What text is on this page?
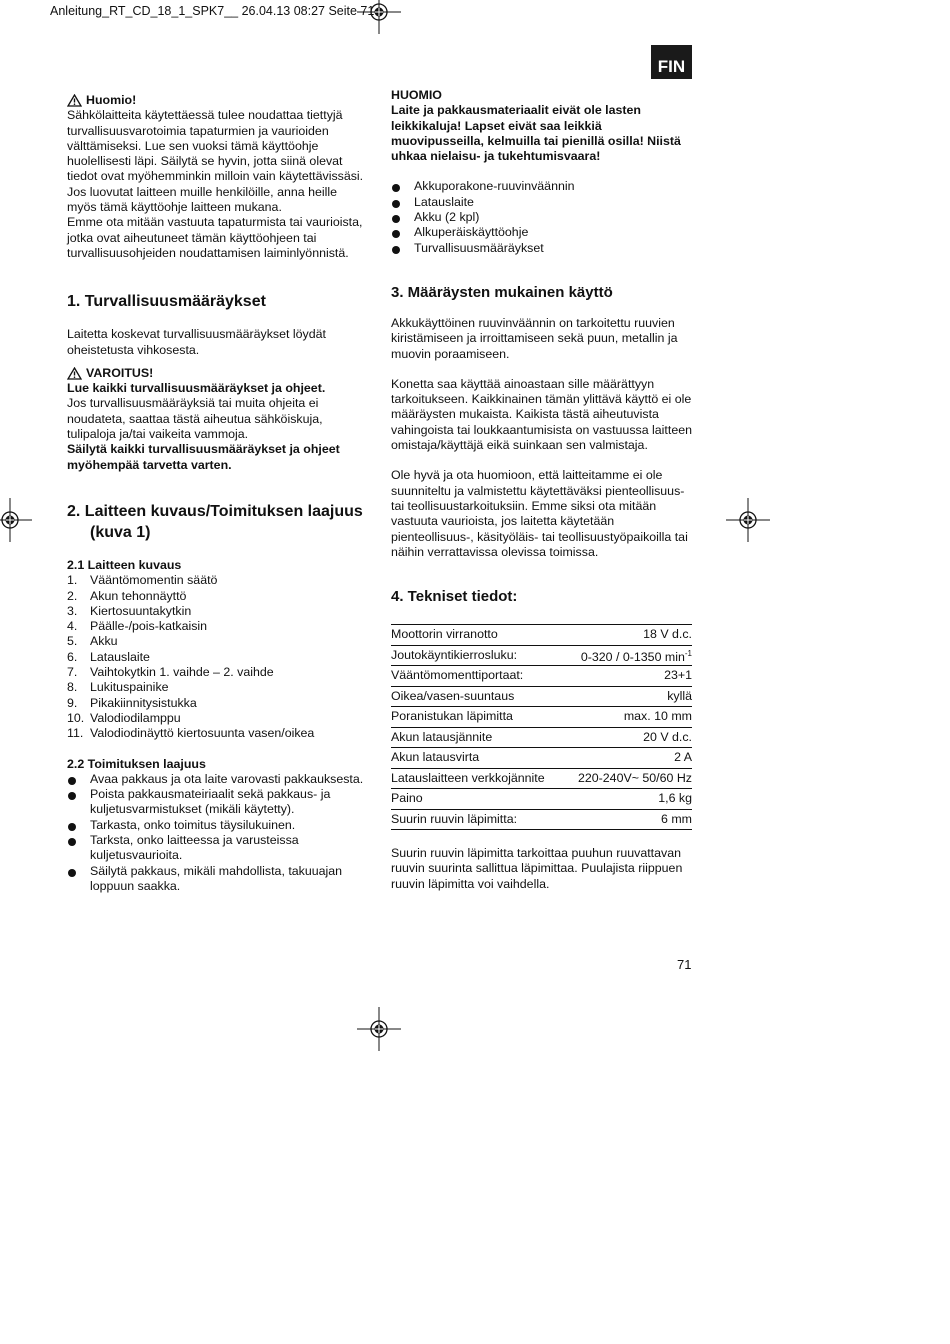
Anleitung_RT_CD_18_1_SPK7__ 26.04.13 08:27 Seite 71
FIN
Huomio!

Sähkölaitteita käytettäessä tulee noudattaa tiettyjä turvallisuusvarotoimia tapaturmien ja vaurioiden välttämiseksi. Lue sen vuoksi tämä käyttöohje huolellisesti läpi. Säilytä se hyvin, jotta siinä olevat tiedot ovat myöhemminkin milloin vain käytettävissäsi. Jos luovutat laitteen muille henkilöille, anna heille myös tämä käyttöohje laitteen mukana.

Emme ota mitään vastuuta tapaturmista tai vaurioista, jotka ovat aiheutuneet tämän käyttöohjeen tai turvallisuusohjeiden noudattamisen laiminlyönnistä.

1. Turvallisuusmääräykset

Laitetta koskevat turvallisuusmääräykset löydät oheistetusta vihkosesta.

VAROITUS!

Lue kaikki turvallisuusmääräykset ja ohjeet.

Jos turvallisuusmääräyksiä tai muita ohjeita ei noudateta, saattaa tästä aiheutua sähköiskuja, tulipaloja ja/tai vaikeita vammoja.

Säilytä kaikki turvallisuusmääräykset ja ohjeet myöhempää tarvetta varten.

2. Laitteen kuvaus/Toimituksen laajuus
(kuva 1)

2.1 Laitteen kuvaus

1.	Vääntömomentin säätö
2.	Akun tehonnäyttö
3.	Kiertosuuntakytkin
4.	Päälle-/pois-katkaisin
5.	Akku
6.	Latauslaite
7.	Vaihtokytkin 1. vaihde – 2. vaihde
8.	Lukituspainike
9.	Pikakiinnitysistukka
10. Valodiodilamppu
11. Valodiodinäyttö kiertosuunta vasen/oikea

2.2 Toimituksen laajuus

Avaa pakkaus ja ota laite varovasti pakkauksesta.
Poista pakkausmateiriaalit sekä pakkaus- ja kuljetusvarmistukset (mikäli käytetty).
Tarkasta, onko toimitus täysilukuinen.
Tarksta, onko laitteessa ja varusteissa kuljetusvaurioita.
Säilytä pakkaus, mikäli mahdollista, takuuajan loppuun saakka.

HUOMIO

Laite ja pakkausmateriaalit eivät ole lasten leikkikaluja! Lapset eivät saa leikkiä muovipusseilla, kelmuilla tai pienillä osilla! Niistä uhkaa nielaisu- ja tukehtumisvaara!

Akkuporakone-ruuvinväännin
Latauslaite
Akku (2 kpl)
Alkuperäiskäyttöohje
Turvallisuusmääräykset
3. Määräysten mukainen käyttö

Akkukäyttöinen ruuvinväännin on tarkoitettu ruuvien kiristämiseen ja irroittamiseen sekä puun, metallin ja muovin poraamiseen.

Konetta saa käyttää ainoastaan sille määrättyyn tarkoitukseen. Kaikkinainen tämän ylittävä käyttö ei ole määräysten mukaista. Kaikista tästä aiheutuvista vahingoista tai loukkaantumisista on vastuussa laitteen omistaja/käyttäjä eikä suinkaan sen valmistaja.

Ole hyvä ja ota huomioon, että laitteitamme ei ole suunniteltu ja valmistettu käytettäväksi pienteollisuus- tai teollisuustarkoituksiin. Emme siksi ota mitään vastuuta vaurioista, jos laitetta käytetään pienteollisuus-, käsityöläis- tai teollisuustyöpaikoilla tai näihin verrattavissa olevissa toimissa.

4. Tekniset tiedot:
Moottorin virranotto	18 V d.c.
Joutokäyntikierrosluku:	0-320 / 0-1350 $\min^{-1}$
Vääntömomenttiportaat:	23+1
Oikea/vasen-suuntaus	kyllä
Poranistukan läpimitta	max. 10 mm
Akun latausjännite	20 V d.c.
Akun latausvirta	2 A
Latauslaitteen verkkojännite	220-240V~ 50/60 Hz
Paino	1,6 kg
Suurin ruuvin läpimitta:	6 mm

Suurin ruuvin läpimitta tarkoittaa puuhun ruuvattavan ruuvin suurinta sallittua läpimittaa. Puulajista riippuen ruuvin läpimitta voi vaihdella.

71
